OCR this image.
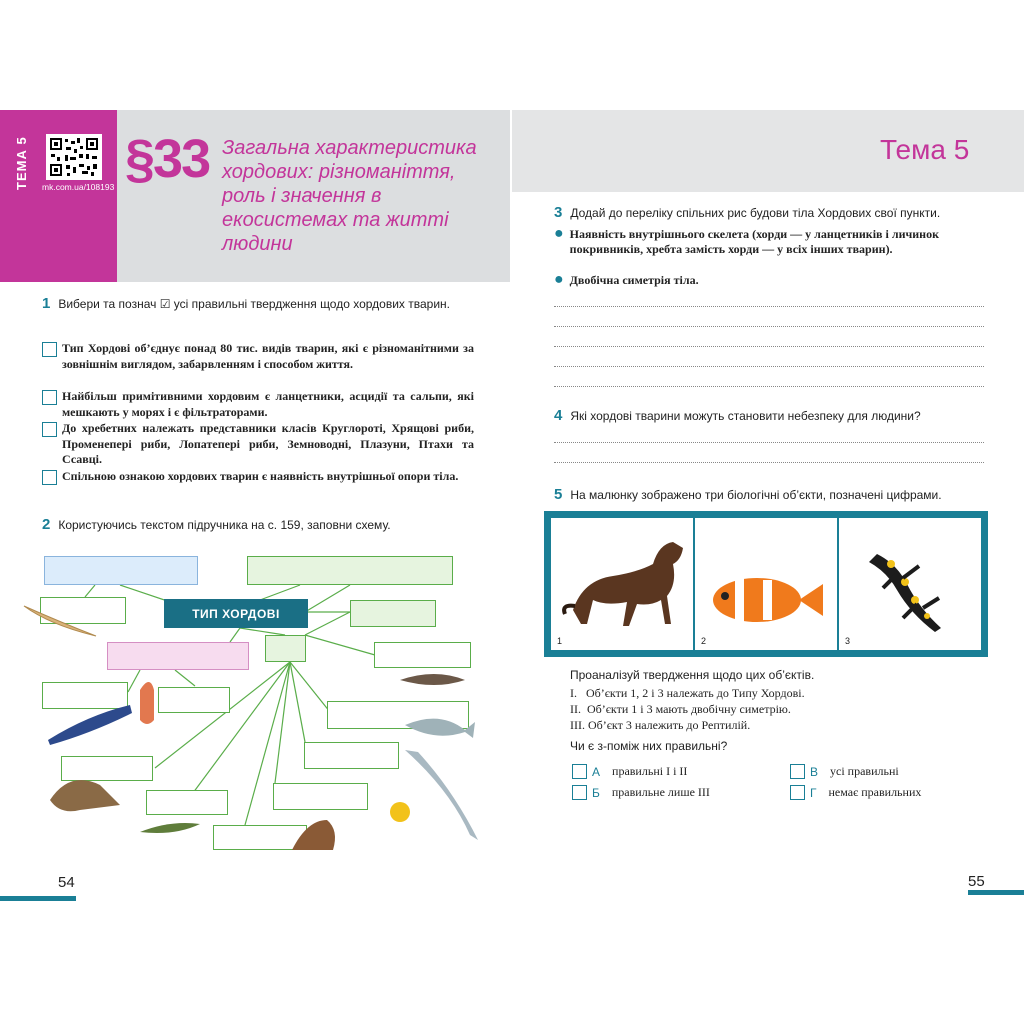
ТЕМА 5 mk.com.ua/108193 §33 Загальна характеристика хордових: різноманіття, роль і значення в екосистемах та житті людини
Тема 5
1 Вибери та познач ☑ усі правильні твердження щодо хордових тварин.
Тип Хордові об’єднує понад 80 тис. видів тварин, які є різноманітними за зовнішнім виглядом, забарвленням і способом життя.
Найбільш примітивними хордовим є ланцетники, асцидії та сальпи, які мешкають у морях і є фільтраторами.
До хребетних належать представники класів Круглороті, Хрящові риби, Променепері риби, Лопатепері риби, Земноводні, Плазуни, Птахи та Ссавці.
Спільною ознакою хордових тварин є наявність внутрішньої опори тіла.
2 Користуючись текстом підручника на с. 159, заповни схему.
ТИП ХОРДОВІ
54	55
3 Додай до переліку спільних рис будови тіла Хордових свої пункти.
● Наявність внутрішнього скелета (хорди — у ланцетників і личинок покривників, хребта замість хорди — у всіх інших тварин).
● Двобічна симетрія тіла.
4 Які хордові тварини можуть становити небезпеку для людини?
5 На малюнку зображено три біологічні об’єкти, позначені цифрами.
1	2	3
Проаналізуй твердження щодо цих об’єктів.
I.   Об’єкти 1, 2 і 3 належать до Типу Хордові.
II.  Об’єкти 1 і 3 мають двобічну симетрію.
III. Об’єкт 3 належить до Рептилій.
Чи є з-поміж них правильні?
А правильні I і II
Б правильне лише III
В усі правильні
Г немає правильних
